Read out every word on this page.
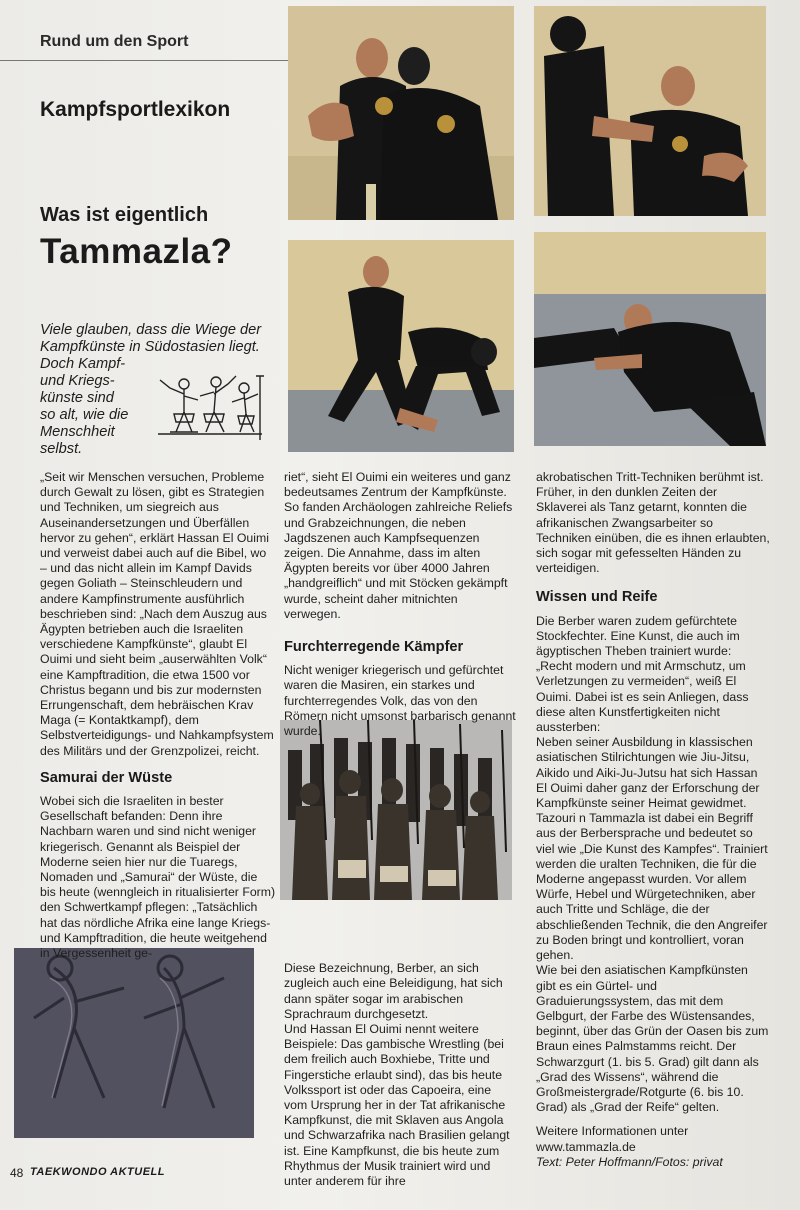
Rund um den Sport
Kampfsportlexikon
Was ist eigentlich
Tammazla?
Viele glauben, dass die Wiege der
Kampfkünste in Südostasien liegt.
Doch Kampf-
und Kriegs-
künste sind
so alt, wie die
Menschheit
selbst.

„Seit wir Menschen versuchen, Probleme durch Gewalt zu lösen, gibt es Strategien und Techniken, um siegreich aus Auseinandersetzungen und Überfällen hervor zu gehen“, erklärt Hassan El Ouimi und verweist dabei auch auf die Bibel, wo – und das nicht allein im Kampf Davids gegen Goliath – Steinschleudern und andere Kampfinstrumente ausführlich beschrieben sind: „Nach dem Auszug aus Ägypten betrieben auch die Israeliten verschiedene Kampfkünste“, glaubt El Ouimi und sieht beim „auserwählten Volk“ eine Kampftradition, die etwa 1500 vor Christus begann und bis zur modernsten Errungenschaft, dem hebräischen Krav Maga (= Kontaktkampf), dem Selbstverteidigungs- und Nahkampfsystem des Militärs und der Grenzpolizei, reicht.

Samurai der Wüste

Wobei sich die Israeliten in bester Gesellschaft befanden: Denn ihre Nachbarn waren und sind nicht weniger kriegerisch. Genannt als Beispiel der Moderne seien hier nur die Tuaregs, Nomaden und „Samurai“ der Wüste, die bis heute (wenngleich in ritualisierter Form) den Schwertkampf pflegen: „Tatsächlich hat das nördliche Afrika eine lange Kriegs- und Kampftradition, die heute weitgehend in Vergessenheit ge-

riet“, sieht El Ouimi ein weiteres und ganz bedeutsames Zentrum der Kampfkünste. So fanden Archäologen zahlreiche Reliefs und Grabzeichnungen, die neben Jagdszenen auch Kampfsequenzen zeigen. Die Annahme, dass im alten Ägypten bereits vor über 4000 Jahren „handgreiflich“ und mit Stöcken gekämpft wurde, scheint daher mitnichten verwegen.

Furchterregende Kämpfer

Nicht weniger kriegerisch und gefürchtet waren die Masiren, ein starkes und furchterregendes Volk, das von den Römern nicht umsonst barbarisch genannt wurde.

Diese Bezeichnung, Berber, an sich zugleich auch eine Beleidigung, hat sich dann später sogar im arabischen Sprachraum durchgesetzt.

Und Hassan El Ouimi nennt weitere Beispiele: Das gambische Wrestling (bei dem freilich auch Boxhiebe, Tritte und Fingerstiche erlaubt sind), das bis heute Volkssport ist oder das Capoeira, eine vom Ursprung her in der Tat afrikanische Kampfkunst, die mit Sklaven aus Angola und Schwarzafrika nach Brasilien gelangt ist. Eine Kampfkunst, die bis heute zum Rhythmus der Musik trainiert wird und unter anderem für ihre

akrobatischen Tritt-Techniken berühmt ist. Früher, in den dunklen Zeiten der Sklaverei als Tanz getarnt, konnten die afrikanischen Zwangsarbeiter so Techniken einüben, die es ihnen erlaubten, sich sogar mit gefesselten Händen zu verteidigen.

Wissen und Reife

Die Berber waren zudem gefürchtete Stockfechter. Eine Kunst, die auch im ägyptischen Theben trainiert wurde: „Recht modern und mit Armschutz, um Verletzungen zu vermeiden“, weiß El Ouimi. Dabei ist es sein Anliegen, dass diese alten Kunstfertigkeiten nicht aussterben:

Neben seiner Ausbildung in klassischen asiatischen Stilrichtungen wie Jiu-Jitsu, Aikido und Aiki-Ju-Jutsu hat sich Hassan El Ouimi daher ganz der Erforschung der Kampfkünste seiner Heimat gewidmet. Tazouri n Tammazla ist dabei ein Begriff aus der Berbersprache und bedeutet so viel wie „Die Kunst des Kampfes“. Trainiert werden die uralten Techniken, die für die Moderne angepasst wurden. Vor allem Würfe, Hebel und Würgetechniken, aber auch Tritte und Schläge, die der abschließenden Technik, die den Angreifer zu Boden bringt und kontrolliert, voran gehen.

Wie bei den asiatischen Kampfkünsten gibt es ein Gürtel- und Graduierungssystem, das mit dem Gelbgurt, der Farbe des Wüstensandes, beginnt, über das Grün der Oasen bis zum Braun eines Palmstamms reicht. Der Schwarzgurt (1. bis 5. Grad) gilt dann als „Grad des Wissens“, während die Großmeistergrade/Rotgurte (6. bis 10. Grad) als „Grad der Reife“ gelten.

Weitere Informationen unter

www.tammazla.de

Text: Peter Hoffmann/Fotos: privat

48 TAEKWONDO AKTUELL
